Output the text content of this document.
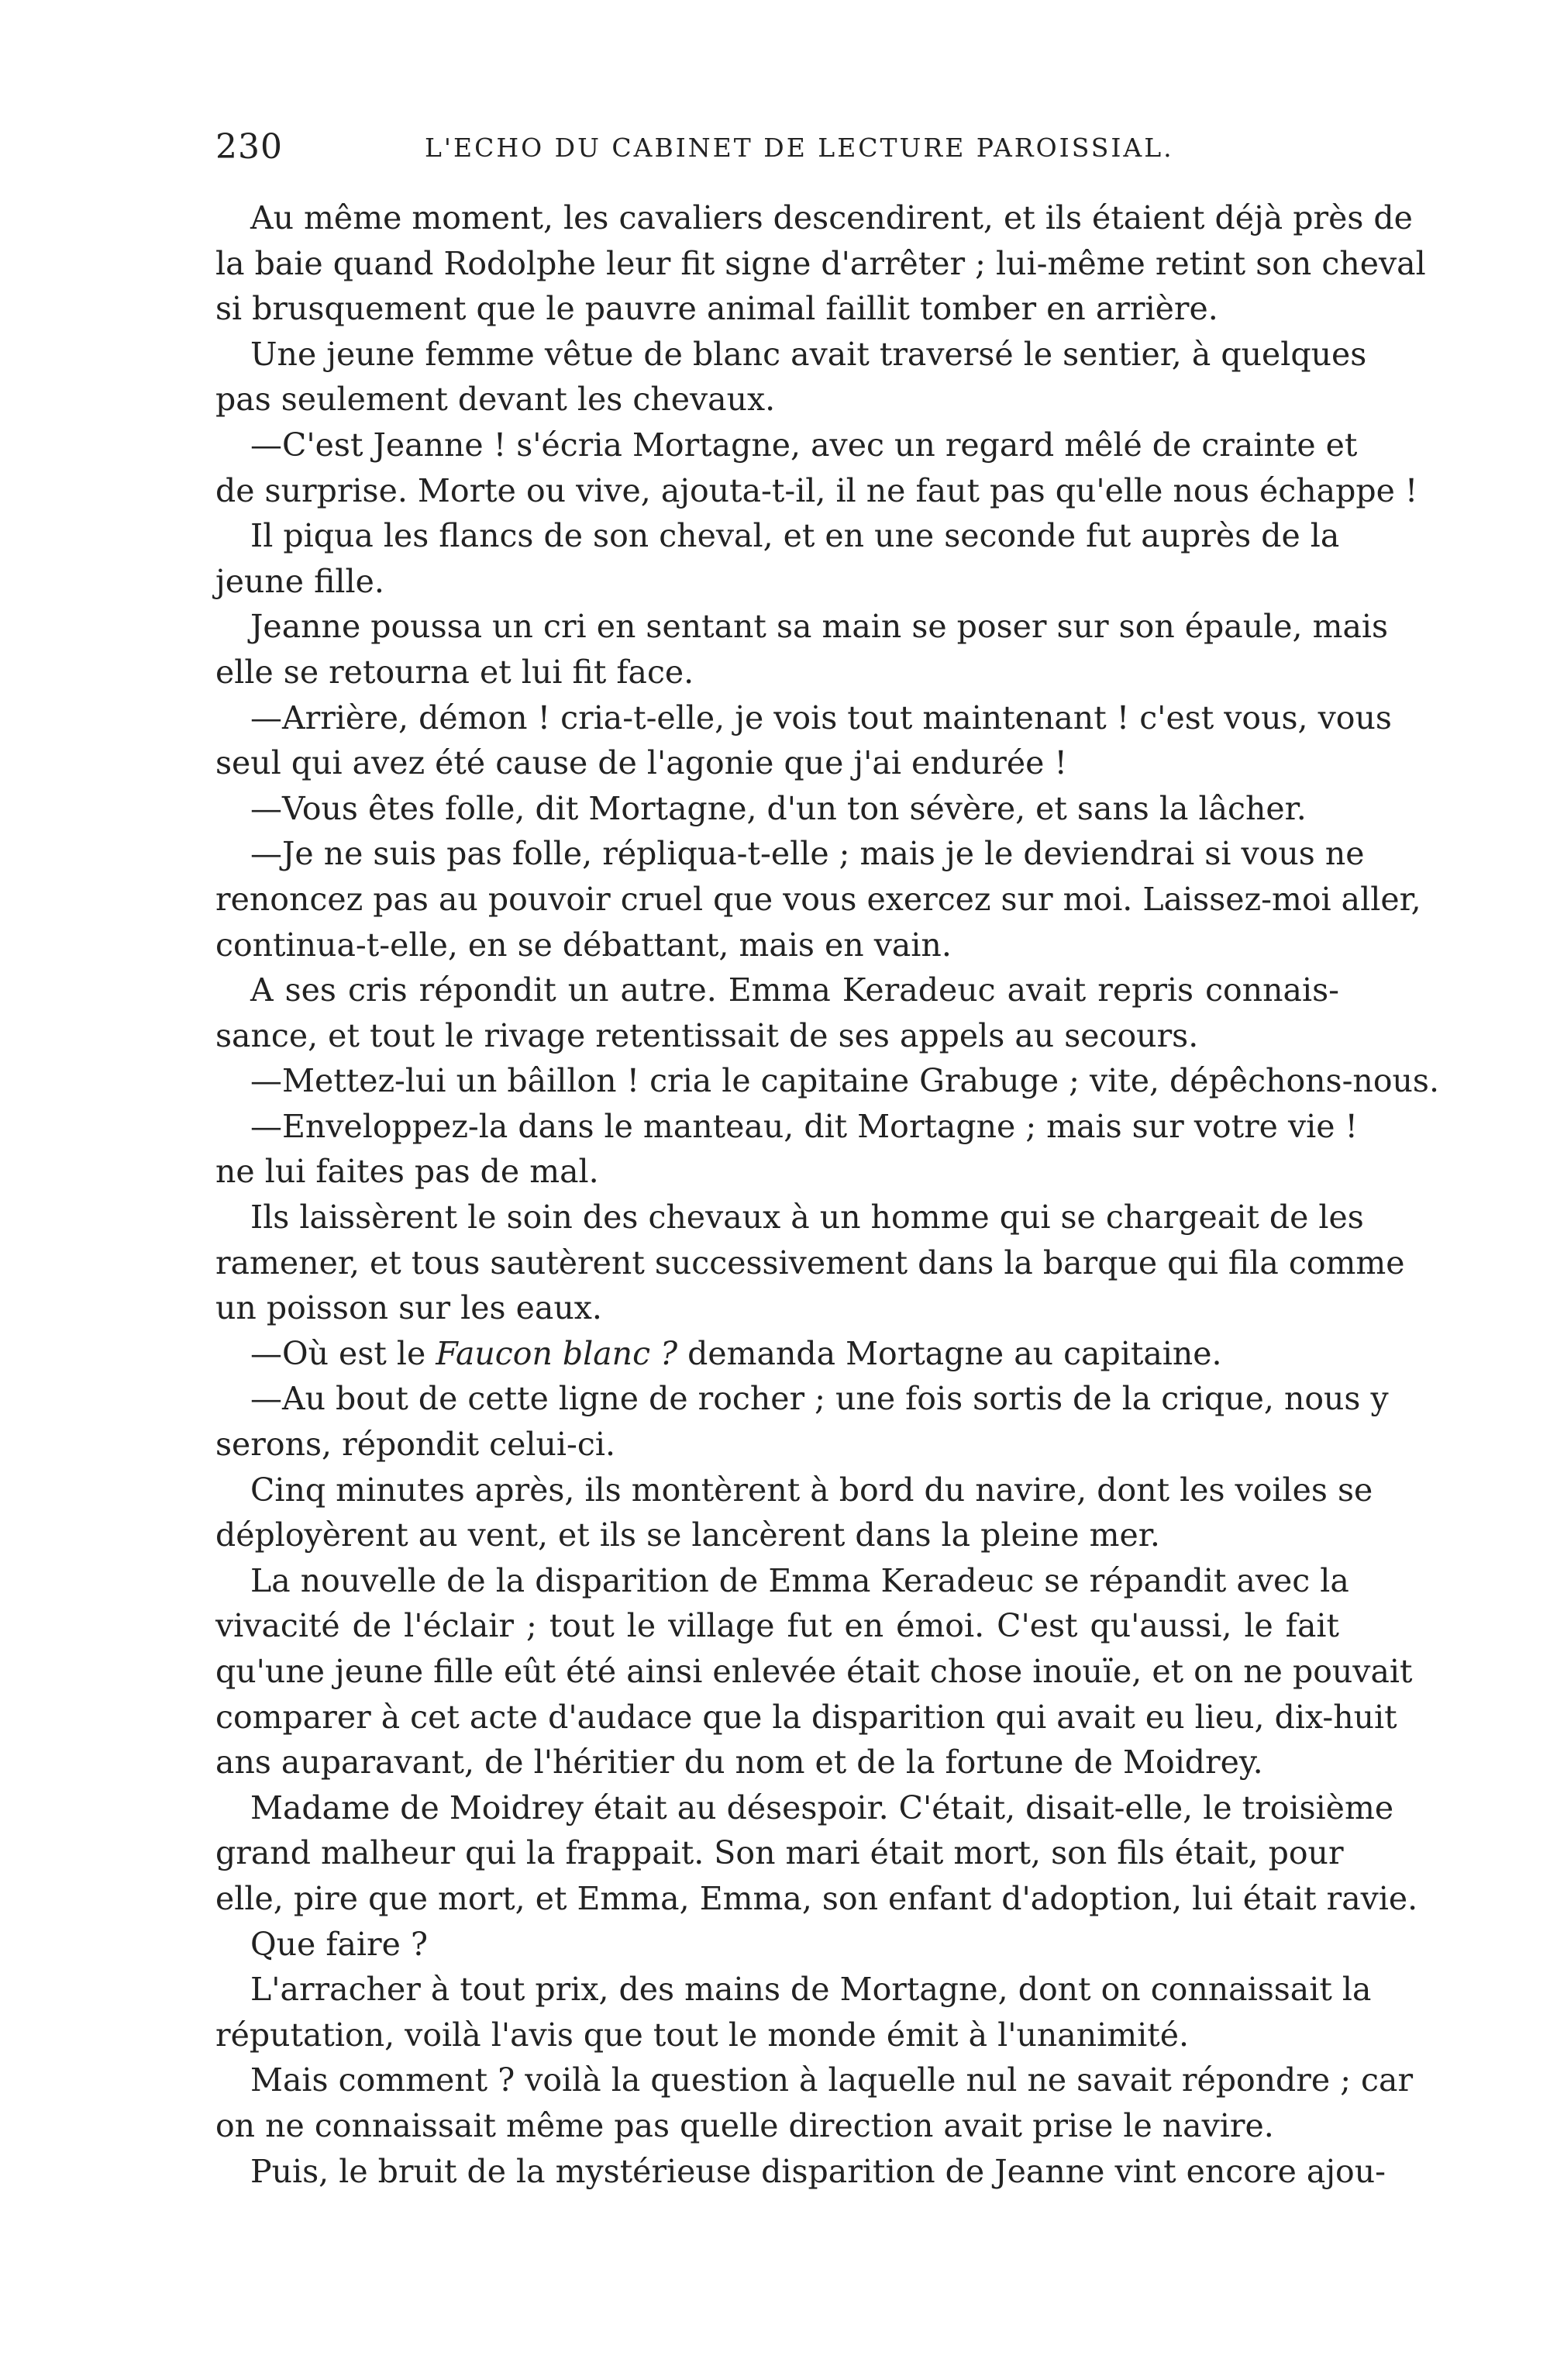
230	L'ECHO DU CABINET DE LECTURE PAROISSIAL.

Au même moment, les cavaliers descendirent, et ils étaient déjà près de
la baie quand Rodolphe leur fit signe d'arrêter ; lui-même retint son cheval
si brusquement que le pauvre animal faillit tomber en arrière.

Une jeune femme vêtue de blanc avait traversé le sentier, à quelques
pas seulement devant les chevaux.

—C'est Jeanne ! s'écria Mortagne, avec un regard mêlé de crainte et
de surprise. Morte ou vive, ajouta-t-il, il ne faut pas qu'elle nous échappe !

Il piqua les flancs de son cheval, et en une seconde fut auprès de la
jeune fille.

Jeanne poussa un cri en sentant sa main se poser sur son épaule, mais
elle se retourna et lui fit face.

—Arrière, démon ! cria-t-elle, je vois tout maintenant ! c'est vous, vous
seul qui avez été cause de l'agonie que j'ai endurée !

—Vous êtes folle, dit Mortagne, d'un ton sévère, et sans la lâcher.

—Je ne suis pas folle, répliqua-t-elle ; mais je le deviendrai si vous ne
renoncez pas au pouvoir cruel que vous exercez sur moi. Laissez-moi aller,
continua-t-elle, en se débattant, mais en vain.

A ses cris répondit un autre. Emma Keradeuc avait repris connais-
sance, et tout le rivage retentissait de ses appels au secours.

—Mettez-lui un bâillon ! cria le capitaine Grabuge ; vite, dépêchons-nous.

—Enveloppez-la dans le manteau, dit Mortagne ; mais sur votre vie !
ne lui faites pas de mal.

Ils laissèrent le soin des chevaux à un homme qui se chargeait de les
ramener, et tous sautèrent successivement dans la barque qui fila comme
un poisson sur les eaux.

—Où est le Faucon blanc ? demanda Mortagne au capitaine.

—Au bout de cette ligne de rocher ; une fois sortis de la crique, nous y
serons, répondit celui-ci.

Cinq minutes après, ils montèrent à bord du navire, dont les voiles se
déployèrent au vent, et ils se lancèrent dans la pleine mer.

La nouvelle de la disparition de Emma Keradeuc se répandit avec la
vivacité de l'éclair ; tout le village fut en émoi. C'est qu'aussi, le fait
qu'une jeune fille eût été ainsi enlevée était chose inouïe, et on ne pouvait
comparer à cet acte d'audace que la disparition qui avait eu lieu, dix-huit
ans auparavant, de l'héritier du nom et de la fortune de Moidrey.

Madame de Moidrey était au désespoir. C'était, disait-elle, le troisième
grand malheur qui la frappait. Son mari était mort, son fils était, pour
elle, pire que mort, et Emma, Emma, son enfant d'adoption, lui était ravie.

Que faire ?

L'arracher à tout prix, des mains de Mortagne, dont on connaissait la
réputation, voilà l'avis que tout le monde émit à l'unanimité.

Mais comment ? voilà la question à laquelle nul ne savait répondre ; car
on ne connaissait même pas quelle direction avait prise le navire.

Puis, le bruit de la mystérieuse disparition de Jeanne vint encore ajou-
